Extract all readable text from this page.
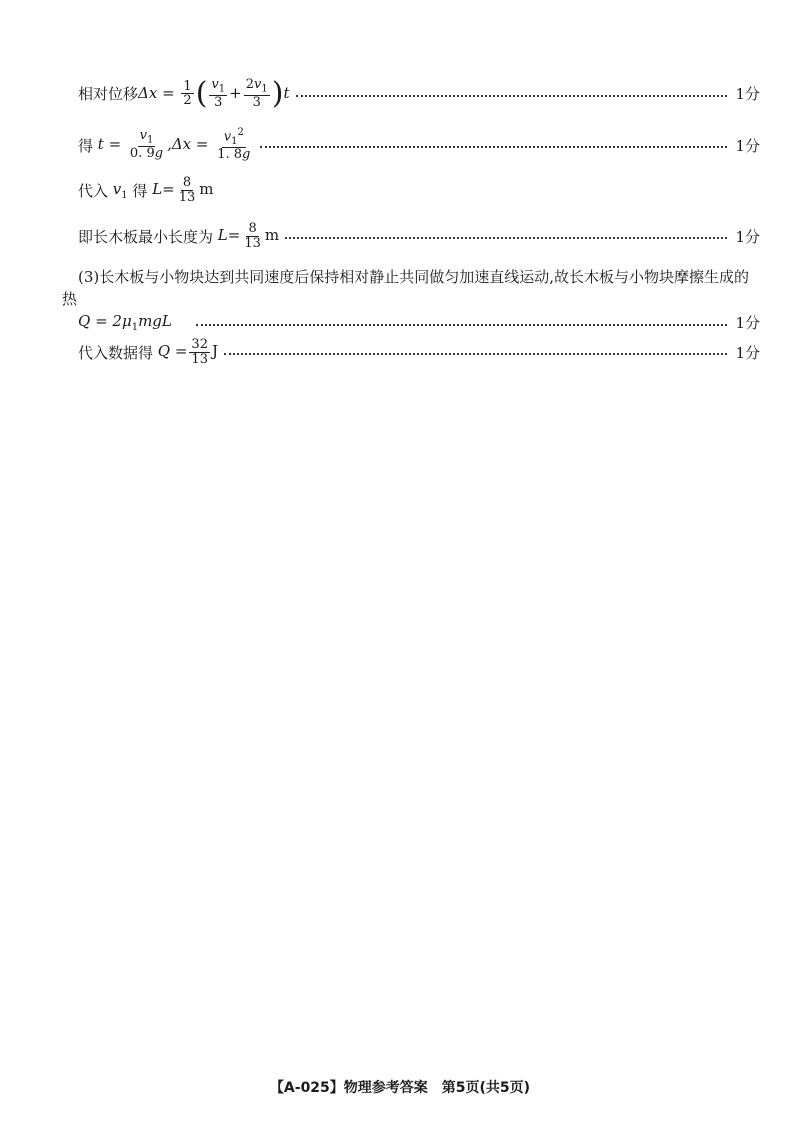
相对位移 $\Delta x = \frac{1}{2}$ ( $\frac{v_1}{3} + \frac{2v_1}{3} )t$	1分
得 $t = \frac{v_1}{0. 9g} ,\Delta x = \frac{v_1^2}{1. 8g}$	1分
代入 $v_1$ 得 $L= \frac{8}{13}$ m
即长木板最小长度为 $L= \frac{8}{13}$ m	1分
(3)长木板与小物块达到共同速度后保持相对静止共同做匀加速直线运动,故长木板与小物块摩擦生成的热
$Q = 2\mu_1mgL$	1分
代入数据得 $Q = \frac{32}{13}$ J	1分
【A-025】物理参考答案　第5页(共5页)
